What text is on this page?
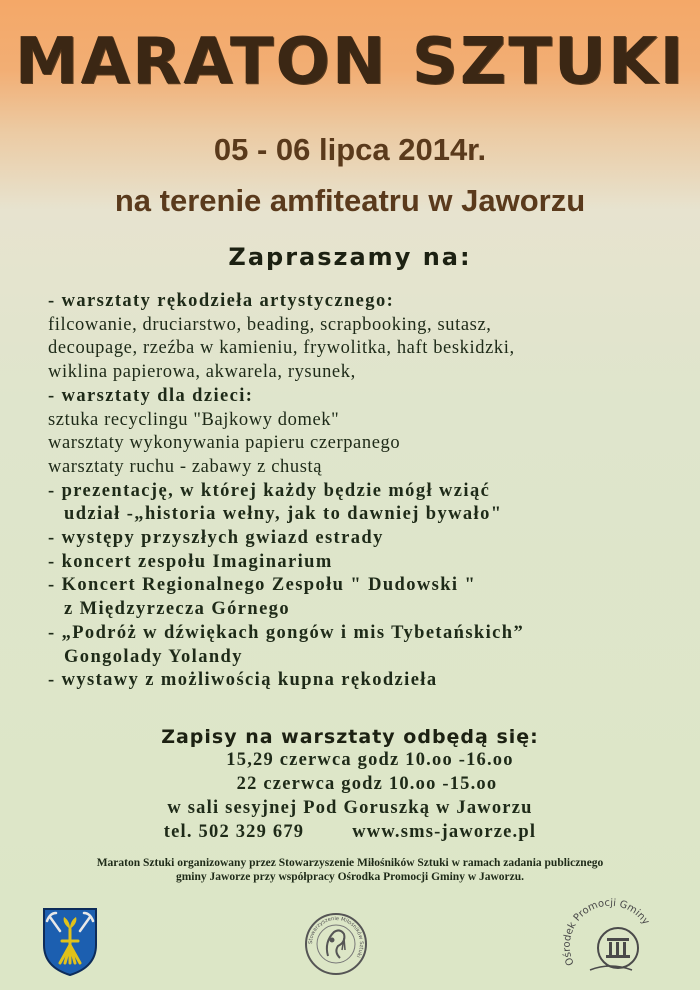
MARATON SZTUKI
05 - 06 lipca 2014r.
na terenie amfiteatru w Jaworzu
Zapraszamy na:
- warsztaty rękodzieła artystycznego:
filcowanie, druciarstwo, beading, scrapbooking, sutasz,
decoupage, rzeźba w kamieniu, frywolitka, haft beskidzki,
wiklina papierowa, akwarela, rysunek,
- warsztaty dla dzieci:
sztuka recyclingu "Bajkowy domek"
warsztaty wykonywania papieru czerpanego
warsztaty ruchu - zabawy z chustą
- prezentację, w której każdy będzie mógł wziąć
udział -„historia wełny, jak to dawniej bywało"
- występy przyszłych gwiazd estrady
- koncert zespołu Imaginarium
- Koncert Regionalnego Zespołu " Dudowski "
z Międzyrzecza Górnego
- „Podróż w dźwiękach gongów i mis Tybetańskich”
Gongolady Yolandy
- wystawy z możliwością kupna rękodzieła
Zapisy na warsztaty odbędą się:
15,29 czerwca godz 10.oo -16.oo
22 czerwca godz 10.oo -15.oo
w sali sesyjnej Pod Goruszką w Jaworzu
tel. 502 329 679	www.sms-jaworze.pl
Maraton Sztuki organizowany przez Stowarzyszenie Miłośników Sztuki w ramach zadania publicznego
gminy Jaworze przy współpracy Ośrodka Promocji Gminy w Jaworzu.
Stowarzyszenie Miłośników Sztuki	Ośrodek Promocji Gminy
